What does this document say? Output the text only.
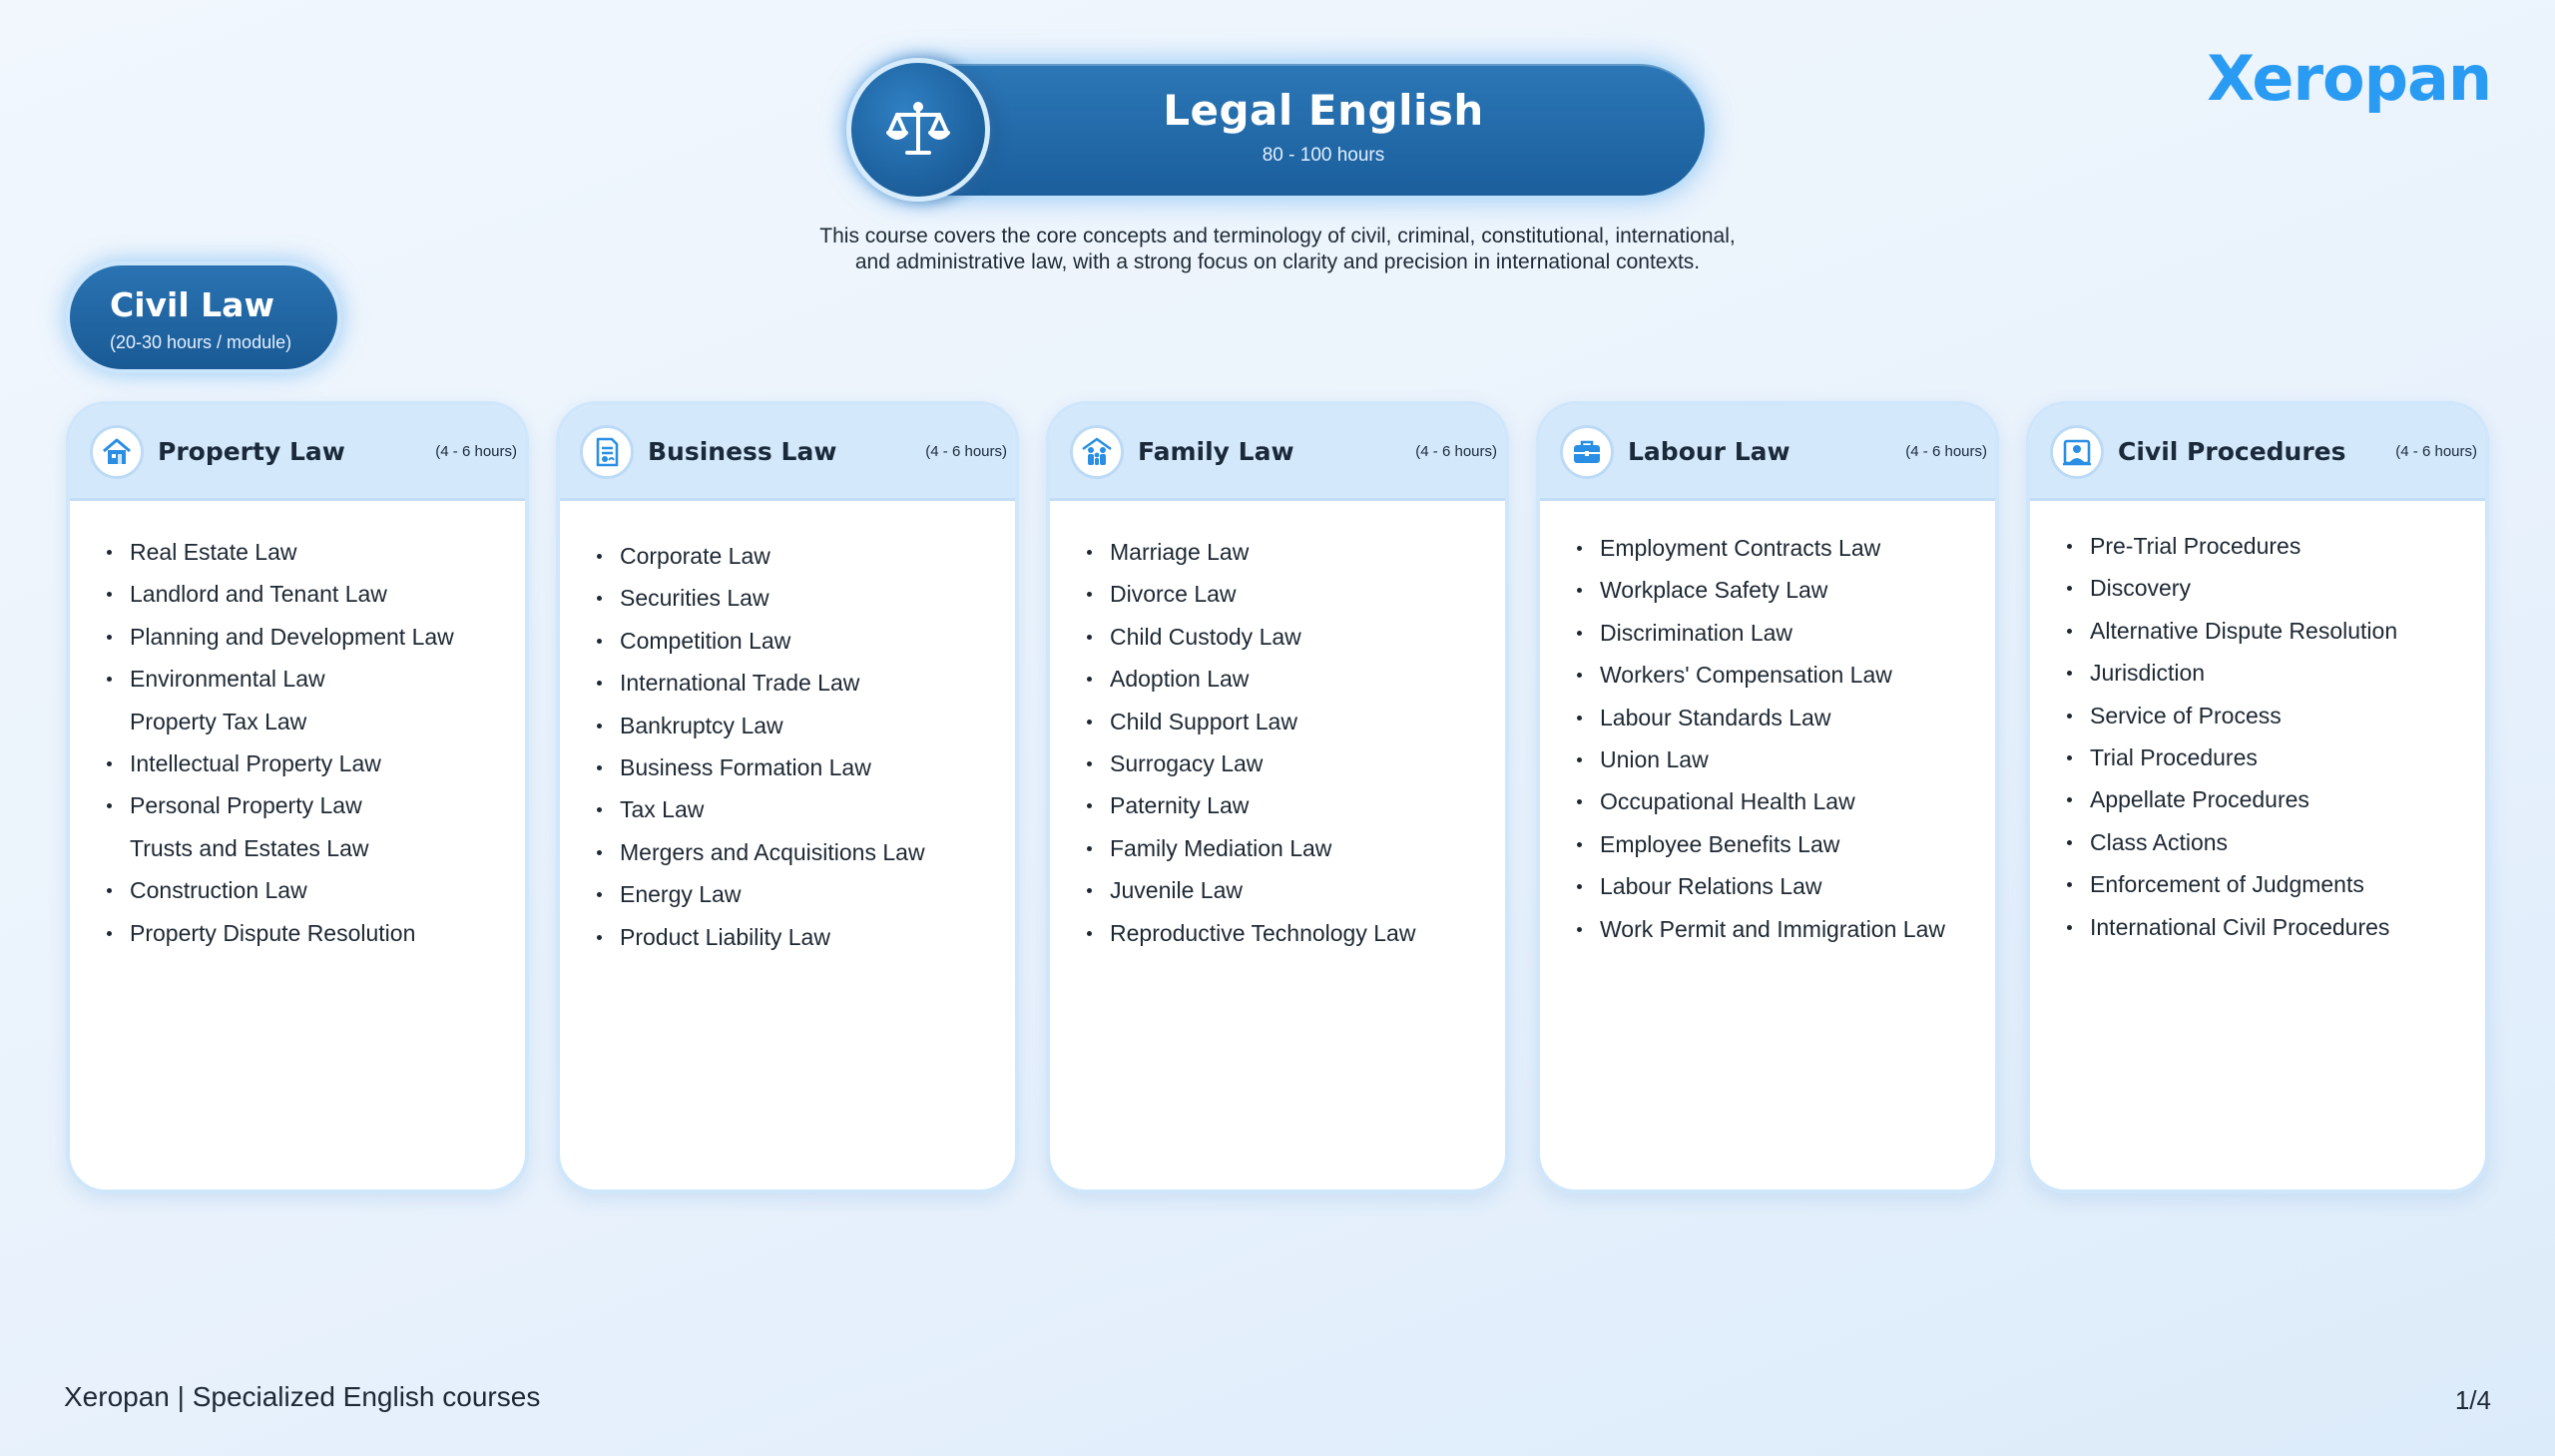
Legal English
80 - 100 hours
Xeropan
This course covers the core concepts and terminology of civil, criminal, constitutional, international,
and administrative law, with a strong focus on clarity and precision in international contexts.
Civil Law
(20-30 hours / module)
Property Law	(4 - 6 hours)
Real Estate Law
Landlord and Tenant Law
Planning and Development Law
Environmental Law
Property Tax Law
Intellectual Property Law
Personal Property Law
Trusts and Estates Law
Construction Law
Property Dispute Resolution
Business Law	(4 - 6 hours)
Corporate Law
Securities Law
Competition Law
International Trade Law
Bankruptcy Law
Business Formation Law
Tax Law
Mergers and Acquisitions Law
Energy Law
Product Liability Law
Family Law	(4 - 6 hours)
Marriage Law
Divorce Law
Child Custody Law
Adoption Law
Child Support Law
Surrogacy Law
Paternity Law
Family Mediation Law
Juvenile Law
Reproductive Technology Law
Labour Law	(4 - 6 hours)
Employment Contracts Law
Workplace Safety Law
Discrimination Law
Workers' Compensation Law
Labour Standards Law
Union Law
Occupational Health Law
Employee Benefits Law
Labour Relations Law
Work Permit and Immigration Law
Civil Procedures	(4 - 6 hours)
Pre-Trial Procedures
Discovery
Alternative Dispute Resolution
Jurisdiction
Service of Process
Trial Procedures
Appellate Procedures
Class Actions
Enforcement of Judgments
International Civil Procedures
Xeropan | Specialized English courses	1/4
